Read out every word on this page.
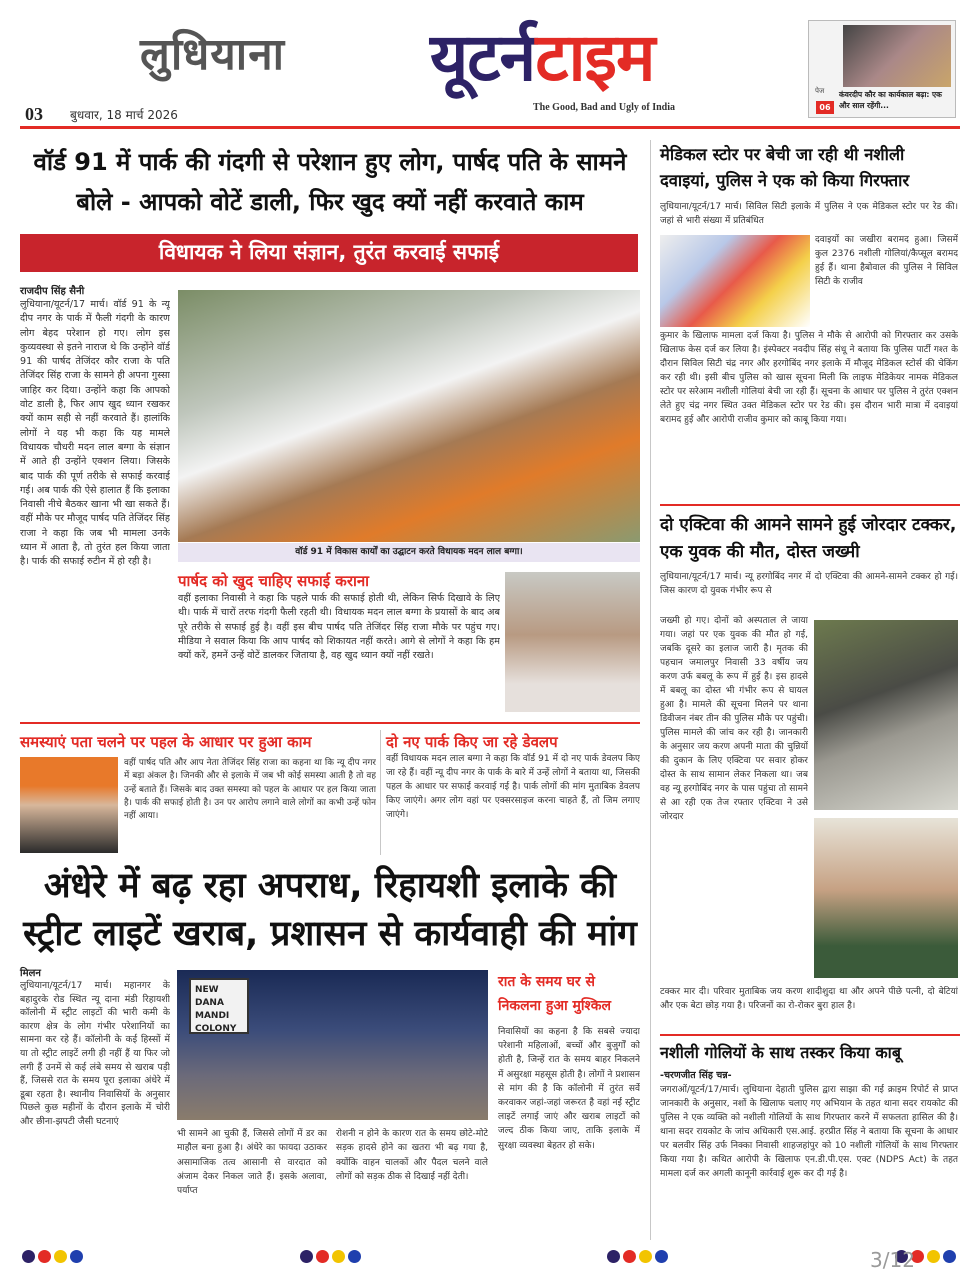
लुधियाना यूटर्नटाइम
The Good, Bad and Ugly of India
03 बुधवार, 18 मार्च 2026
पेज
06
कंवरदीप कौर का कार्यकाल बढ़ा: एक और साल रहेंगी...
वॉर्ड 91 में पार्क की गंदगी से परेशान हुए लोग, पार्षद पति के सामने बोले - आपको वोटें डाली, फिर खुद क्यों नहीं करवाते काम
विधायक ने लिया संज्ञान, तुरंत करवाई सफाई
राजदीप सिंह सैनी
लुधियाना/यूटर्न/17 मार्च। वॉर्ड 91 के न्यू दीप नगर के पार्क में फैली गंदगी के कारण लोग बेहद परेशान हो गए। लोग इस कुव्यवस्था से इतने नाराज थे कि उन्होंने वॉर्ड 91 की पार्षद तेजिंदर कौर राजा के पति तेजिंदर सिंह राजा के सामने ही अपना गुस्सा जाहिर कर दिया। उन्होंने कहा कि आपको वोट डाली है, फिर आप खुद ध्यान रखकर क्यों काम सही से नहीं करवाते हैं। हालांकि लोगों ने यह भी कहा कि यह मामले विधायक चौधरी मदन लाल बग्गा के संज्ञान में आते ही उन्होंने एक्शन लिया। जिसके बाद पार्क की पूर्ण तरीके से सफाई करवाई गई। अब पार्क की ऐसे हालात हैं कि इलाका निवासी नीचे बैठकर खाना भी खा सकते हैं। वहीं मौके पर मौजूद पार्षद पति तेजिंदर सिंह राजा ने कहा कि जब भी मामला उनके ध्यान में आता है, तो तुरंत हल किया जाता है। पार्क की सफाई रुटीन में हो रही है।
वॉर्ड 91 में विकास कार्यों का उद्घाटन करते विधायक मदन लाल बग्गा।
पार्षद को खुद चाहिए सफाई कराना
वहीं इलाका निवासी ने कहा कि पहले पार्क की सफाई होती थी, लेकिन सिर्फ दिखावे के लिए थी। पार्क में चारों तरफ गंदगी फैली रहती थी। विधायक मदन लाल बग्गा के प्रयासों के बाद अब पूरे तरीके से सफाई हुई है। वहीं इस बीच पार्षद पति तेजिंदर सिंह राजा मौके पर पहुंच गए। मीडिया ने सवाल किया कि आप पार्षद को शिकायत नहीं करते। आगे से लोगों ने कहा कि हम क्यों करें, हमनें उन्हें वोटें डालकर जिताया है, वह खुद ध्यान क्यों नहीं रखते।
समस्याएं पता चलने पर पहल के आधार पर हुआ काम
वहीं पार्षद पति और आप नेता तेजिंदर सिंह राजा का कहना था कि न्यू दीप नगर में बड़ा अंकल है। जिनकी और से इलाके में जब भी कोई समस्या आती है तो वह उन्हें बताते हैं। जिसके बाद उक्त समस्या को पहल के आधार पर हल किया जाता है। पार्क की सफाई होती है। उन पर आरोप लगाने वाले लोगों का कभी उन्हें फोन नहीं आया।
दो नए पार्क किए जा रहे डेवलप
वहीं विधायक मदन लाल बग्गा ने कहा कि वॉर्ड 91 में दो नए पार्क डेवलप किए जा रहे हैं। वहीं न्यू दीप नगर के पार्क के बारे में उन्हें लोगों ने बताया था, जिसकी पहल के आधार पर सफाई करवाई गई है। पार्क लोगों की मांग मुताबिक डेवलप किए जाएंगे। अगर लोग वहां पर एक्सरसाइज करना चाहते हैं, तो जिम लगाए जाएंगे।
अंधेरे में बढ़ रहा अपराध, रिहायशी इलाके की स्ट्रीट लाइटें खराब, प्रशासन से कार्यवाही की मांग
मिलन
लुधियाना/यूटर्न/17 मार्च। महानगर के बहादुरके रोड स्थित न्यू दाना मंडी रिहायशी कॉलोनी में स्ट्रीट लाइटों की भारी कमी के कारण क्षेत्र के लोग गंभीर परेशानियों का सामना कर रहे हैं। कॉलोनी के कई हिस्सों में या तो स्ट्रीट लाइटें लगी ही नहीं हैं या फिर जो लगी हैं उनमें से कई लंबे समय से खराब पड़ी हैं, जिससे रात के समय पूरा इलाका अंधेरे में डूबा रहता है। स्थानीय निवासियों के अनुसार पिछले कुछ महीनों के दौरान इलाके में चोरी और छीना-झपटी जैसी घटनाएं
NEW DANA MANDI COLONY
भी सामने आ चुकी हैं, जिससे लोगों में डर का माहौल बना हुआ है। अंधेरे का फायदा उठाकर असामाजिक तत्व आसानी से वारदात को अंजाम देकर निकल जाते हैं। इसके अलावा, पर्याप्त
रोशनी न होने के कारण रात के समय छोटे-मोटे सड़क हादसे होने का खतरा भी बढ़ गया है, क्योंकि वाहन चालकों और पैदल चलने वाले लोगों को सड़क ठीक से दिखाई नहीं देती।
रात के समय घर से निकलना हुआ मुश्किल
निवासियों का कहना है कि सबसे ज्यादा परेशानी महिलाओं, बच्चों और बुजुर्गों को होती है, जिन्हें रात के समय बाहर निकलने में असुरक्षा महसूस होती है। लोगों ने प्रशासन से मांग की है कि कॉलोनी में तुरंत सर्वे करवाकर जहां-जहां जरूरत है वहां नई स्ट्रीट लाइटें लगाई जाएं और खराब लाइटों को जल्द ठीक किया जाए, ताकि इलाके में सुरक्षा व्यवस्था बेहतर हो सके।
मेडिकल स्टोर पर बेची जा रही थी नशीली दवाइयां, पुलिस ने एक को किया गिरफ्तार
लुधियाना/यूटर्न/17 मार्च। सिविल सिटी इलाके में पुलिस ने एक मेडिकल स्टोर पर रेड की। जहां से भारी संख्या में प्रतिबंधित
दवाइयों का जखीरा बरामद हुआ। जिसमें कुल 2376 नशीली गोलियां/कैप्सूल बरामद हुई हैं। थाना हैबोवाल की पुलिस ने सिविल सिटी के राजीव
कुमार के खिलाफ मामला दर्ज किया है। पुलिस ने मौके से आरोपी को गिरफ्तार कर उसके खिलाफ केस दर्ज कर लिया है। इंस्पेक्टर नवदीप सिंह संधू ने बताया कि पुलिस पार्टी गश्त के दौरान सिविल सिटी चंद्र नगर और हरगोबिंद नगर इलाके में मौजूद मेडिकल स्टोर्स की चेकिंग कर रही थी। इसी बीच पुलिस को खास सूचना मिली कि लाइफ मेडिकेयर नामक मेडिकल स्टोर पर सरेआम नशीली गोलियां बेची जा रही हैं। सूचना के आधार पर पुलिस ने तुरंत एक्शन लेते हुए चंद्र नगर स्थित उक्त मेडिकल स्टोर पर रेड की। इस दौरान भारी मात्रा में दवाइयां बरामद हुई और आरोपी राजीव कुमार को काबू किया गया।
दो एक्टिवा की आमने सामने हुई जोरदार टक्कर, एक युवक की मौत, दोस्त जख्मी
लुधियाना/यूटर्न/17 मार्च। न्यू हरगोबिंद नगर में दो एक्टिवा की आमने-सामने टक्कर हो गई। जिस कारण दो युवक गंभीर रूप से
जख्मी हो गए। दोनों को अस्पताल ले जाया गया। जहां पर एक युवक की मौत हो गई, जबकि दूसरे का इलाज जारी है। मृतक की पहचान जमालपुर निवासी 33 वर्षीय जय करण उर्फ बबलू के रूप में हुई है। इस हादसे में बबलू का दोस्त भी गंभीर रूप से घायल हुआ है। मामले की सूचना मिलने पर थाना डिवीजन नंबर तीन की पुलिस मौके पर पहुंची। पुलिस मामले की जांच कर रही है। जानकारी के अनुसार जय करण अपनी माता की चुन्नियों की दुकान के लिए एक्टिवा पर सवार होकर दोस्त के साथ सामान लेकर निकला था। जब वह न्यू हरगोबिंद नगर के पास पहुंचा तो सामने से आ रही एक तेज रफ्तार एक्टिवा ने उसे जोरदार
टक्कर मार दी। परिवार मुताबिक जय करण शादीशुदा था और अपने पीछे पत्नी, दो बेटियां और एक बेटा छोड़ गया है। परिजनों का रो-रोकर बुरा हाल है।
नशीली गोलियों के साथ तस्कर किया काबू
-चरणजीत सिंह चन्न-
जगराओं/यूटर्न/17/मार्च। लुधियाना देहाती पुलिस द्वारा साझा की गई क्राइम रिपोर्ट से प्राप्त जानकारी के अनुसार, नशों के खिलाफ चलाए गए अभियान के तहत थाना सदर रायकोट की पुलिस ने एक व्यक्ति को नशीली गोलियों के साथ गिरफ्तार करने में सफलता हासिल की है। थाना सदर रायकोट के जांच अधिकारी एस.आई. हरप्रीत सिंह ने बताया कि सूचना के आधार पर बलवीर सिंह उर्फ निक्का निवासी शाहजहांपुर को 10 नशीली गोलियों के साथ गिरफ्तार किया गया है। कथित आरोपी के खिलाफ एन.डी.पी.एस. एक्ट (NDPS Act) के तहत मामला दर्ज कर अगली कानूनी कार्रवाई शुरू कर दी गई है।
3/12
